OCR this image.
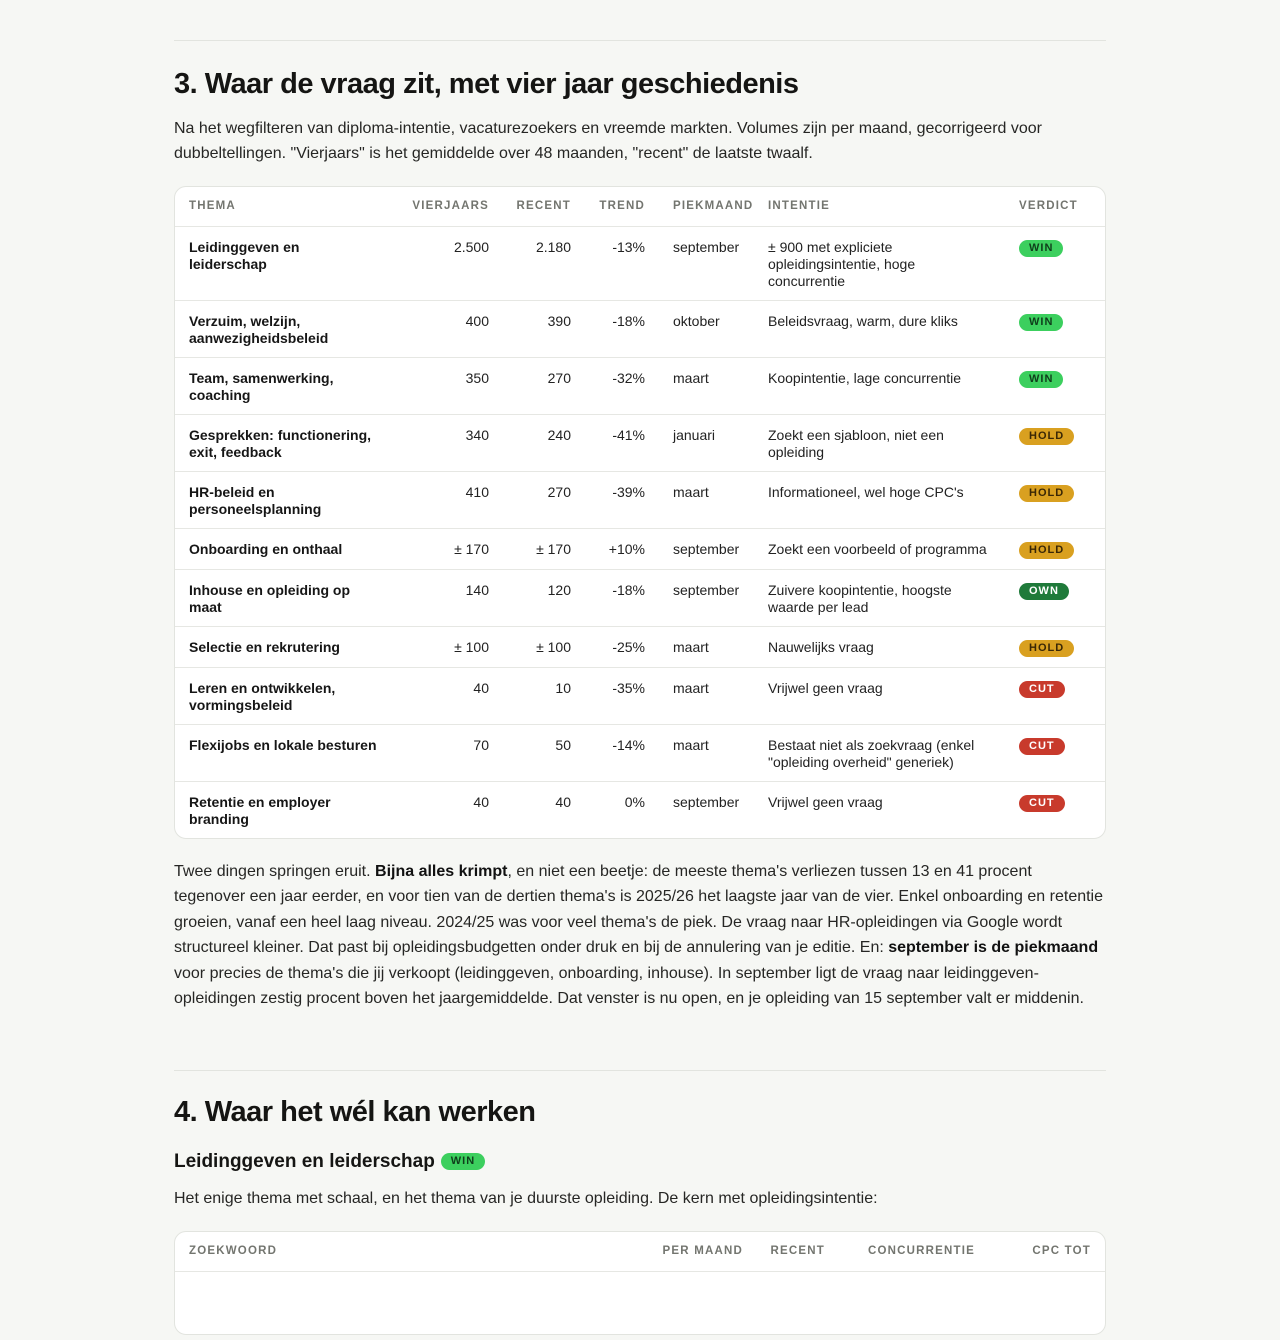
3. Waar de vraag zit, met vier jaar geschiedenis

Na het wegfilteren van diploma-intentie, vacaturezoekers en vreemde markten. Volumes zijn per maand, gecorrigeerd voor dubbeltellingen. "Vierjaars" is het gemiddelde over 48 maanden, "recent" de laatste twaalf.

THEMA	VIERJAARS	RECENT	TREND	PIEKMAAND	INTENTIE	VERDICT
Leidinggeven en leiderschap	2.500	2.180	-13%	september	± 900 met expliciete opleidingsintentie, hoge concurrentie	WIN
Verzuim, welzijn, aanwezigheidsbeleid	400	390	-18%	oktober	Beleidsvraag, warm, dure kliks	WIN
Team, samenwerking, coaching	350	270	-32%	maart	Koopintentie, lage concurrentie	WIN
Gesprekken: functionering, exit, feedback	340	240	-41%	januari	Zoekt een sjabloon, niet een opleiding	HOLD
HR-beleid en personeelsplanning	410	270	-39%	maart	Informationeel, wel hoge CPC's	HOLD
Onboarding en onthaal	± 170	± 170	+10%	september	Zoekt een voorbeeld of programma	HOLD
Inhouse en opleiding op maat	140	120	-18%	september	Zuivere koopintentie, hoogste waarde per lead	OWN
Selectie en rekrutering	± 100	± 100	-25%	maart	Nauwelijks vraag	HOLD
Leren en ontwikkelen, vormingsbeleid	40	10	-35%	maart	Vrijwel geen vraag	CUT
Flexijobs en lokale besturen	70	50	-14%	maart	Bestaat niet als zoekvraag (enkel "opleiding overheid" generiek)	CUT
Retentie en employer branding	40	40	0%	september	Vrijwel geen vraag	CUT

Twee dingen springen eruit. Bijna alles krimpt, en niet een beetje: de meeste thema's verliezen tussen 13 en 41 procent tegenover een jaar eerder, en voor tien van de dertien thema's is 2025/26 het laagste jaar van de vier. Enkel onboarding en retentie groeien, vanaf een heel laag niveau. 2024/25 was voor veel thema's de piek. De vraag naar HR-opleidingen via Google wordt structureel kleiner. Dat past bij opleidingsbudgetten onder druk en bij de annulering van je editie. En: september is de piekmaand voor precies de thema's die jij verkoopt (leidinggeven, onboarding, inhouse). In september ligt de vraag naar leidinggeven-opleidingen zestig procent boven het jaargemiddelde. Dat venster is nu open, en je opleiding van 15 september valt er middenin.

4. Waar het wél kan werken
Leidinggeven en leiderschap	WIN

Het enige thema met schaal, en het thema van je duurste opleiding. De kern met opleidingsintentie:

ZOEKWOORD	PER MAAND	RECENT	CONCURRENTIE	CPC TOT
